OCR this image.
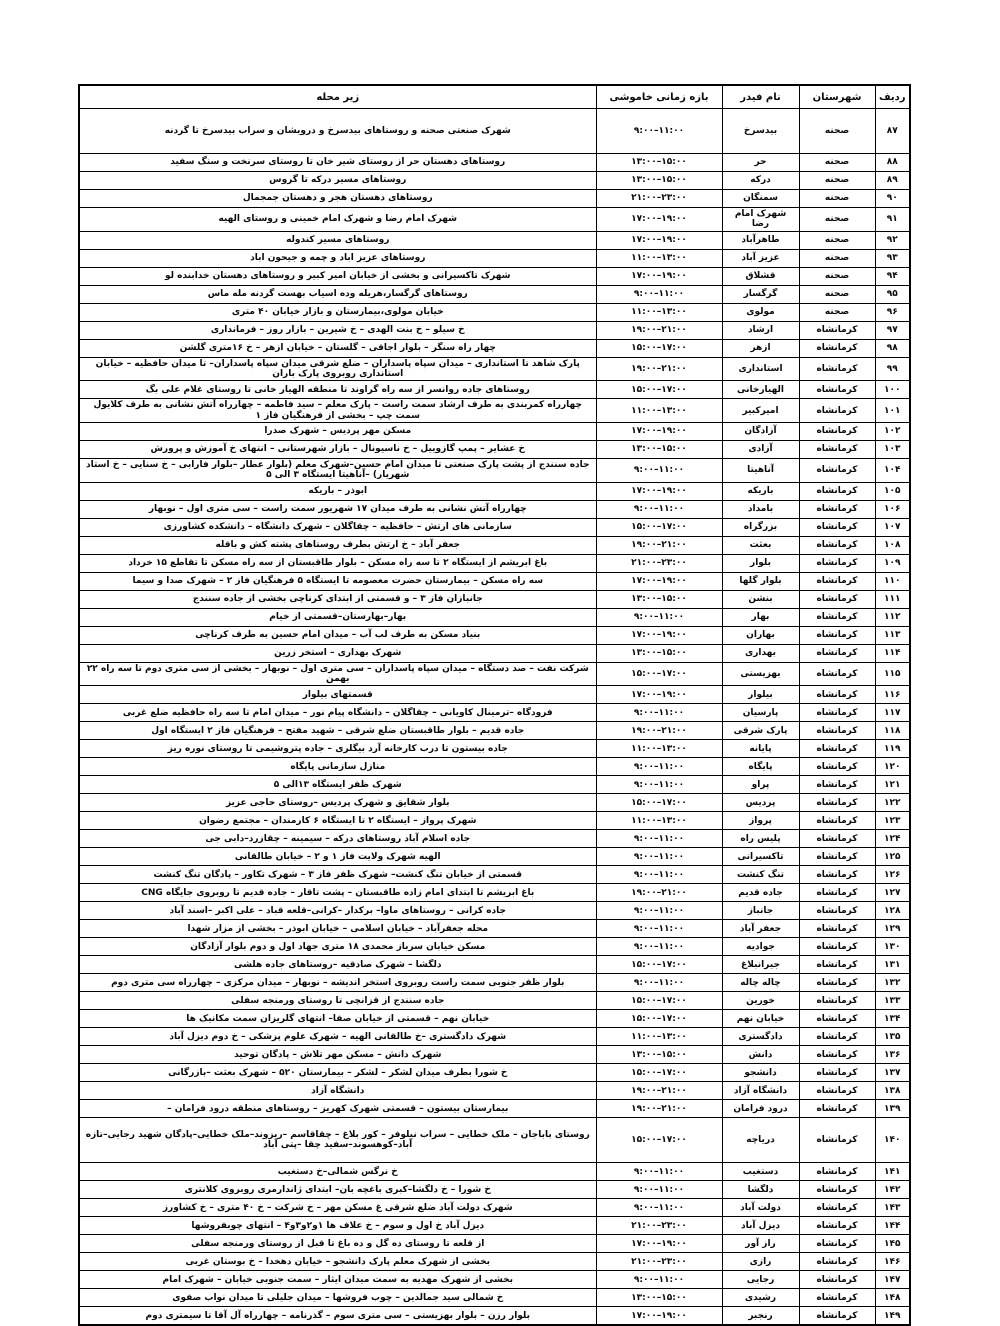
ردیف	شهرستان	نام فیدر	بازه زمانی خاموشی	زیر محله
۸۷	صحنه	بیدسرخ	۹:۰۰–۱۱:۰۰	شهرک صنعتی صحنه و روستاهای بیدسرخ و درویشان و سراب بیدسرخ تا گردنه
۸۸	صحنه	حر	۱۳:۰۰–۱۵:۰۰	روستاهای دهستان حر از روستای شیر خان تا روستای سرنخت و سنگ سفید
۸۹	صحنه	درکه	۱۳:۰۰–۱۵:۰۰	روستاهای مسیر درکه تا گروس
۹۰	صحنه	سمنگان	۲۱:۰۰–۲۳:۰۰	روستاهای دهستان هجر و دهستان جمجمال
۹۱	صحنه	شهرک امام رضا	۱۷:۰۰–۱۹:۰۰	شهرک امام رضا و شهرک امام خمینی و روستای الهیه
۹۲	صحنه	طاهرآباد	۱۷:۰۰–۱۹:۰۰	روستاهای مسیر کندوله
۹۳	صحنه	عزیز آباد	۱۱:۰۰–۱۳:۰۰	روستاهای عزیز اباد و چمه و جیحون اباد
۹۴	صحنه	قشلاق	۱۷:۰۰–۱۹:۰۰	شهرک تاکسیرانی و بخشی از خیابان امیر کبیر و روستاهای دهستان خدابنده لو
۹۵	صحنه	گرگسار	۹:۰۰–۱۱:۰۰	روستاهای گرگسار،هریله وده اسیاب بهست گردنه مله ماس
۹۶	صحنه	مولوی	۱۱:۰۰–۱۳:۰۰	خیابان مولوی،بیمارستان و بازار خیابان ۴۰ متری
۹۷	کرمانشاه	ارشاد	۱۹:۰۰–۲۱:۰۰	خ سیلو – خ بنت الهدی – خ شیرین – بازار روز – فرمانداری
۹۸	کرمانشاه	ازهر	۱۵:۰۰–۱۷:۰۰	چهار راه سنگر – بلوار اجاقی – گلستان – خیابان ازهر – خ ۱۶متری گلشن
۹۹	کرمانشاه	استانداری	۱۹:۰۰–۲۱:۰۰	پارک شاهد تا استانداری – میدان سپاه پاسداران – ضلع شرقی میدان سپاه پاسداران– تا میدان حافظیه – خیابان استانداری روبروی پارک باران
۱۰۰	کرمانشاه	الهیارخانی	۱۵:۰۰–۱۷:۰۰	روستاهای جاده روانسر از سه راه گراوند تا منطقه الهیار خانی تا روستای غلام علی بگ
۱۰۱	کرمانشاه	امیرکبیر	۱۱:۰۰–۱۳:۰۰	چهارراه کمربندی به طرف ارشاد سمت راست – پارک معلم – سید فاطمه – چهارراه آتش نشانی به طرف کلایول سمت چپ – بخشی از فرهنگیان فاز ۱
۱۰۲	کرمانشاه	آزادگان	۱۷:۰۰–۱۹:۰۰	مسکن مهر پردیس – شهرک صدرا
۱۰۳	کرمانشاه	آزادی	۱۳:۰۰–۱۵:۰۰	خ عشایر – پمپ گازوییل – خ ناسیونال – بازار شهرستانی – انتهای خ آموزش و پرورش
۱۰۴	کرمانشاه	آناهیتا	۹:۰۰–۱۱:۰۰	جاده سنندج از پشت پارک صنعتی تا میدان امام حسین–شهرک معلم (بلوار عطار –بلوار فارابی – خ سنایی – خ استاد شهریار) –آناهیتا ایستگاه ۳ الی ۵
۱۰۵	کرمانشاه	باریکه	۱۷:۰۰–۱۹:۰۰	ابوذر – باریکه
۱۰۶	کرمانشاه	بامداد	۹:۰۰–۱۱:۰۰	چهارراه آتش نشانی به طرف میدان ۱۷ شهریور سمت راست – سی متری اول – نوبهار
۱۰۷	کرمانشاه	بزرگراه	۱۵:۰۰–۱۷:۰۰	سازمانی های ارتش – حافظیه – چقاگلان – شهرک دانشگاه – دانشکده کشاورزی
۱۰۸	کرمانشاه	بعثت	۱۹:۰۰–۲۱:۰۰	جعفر آباد – خ ارتش بطرف روستاهای پشته کش و باقله
۱۰۹	کرمانشاه	بلوار	۲۱:۰۰–۲۳:۰۰	باغ ابریشم از ایستگاه ۲ تا سه راه مسکن – بلوار طاقبستان از سه راه مسکن تا تقاطع ۱۵ خرداد
۱۱۰	کرمانشاه	بلوار گلها	۱۷:۰۰–۱۹:۰۰	سه راه مسکن – بیمارستان حضرت معصومه تا ایستگاه ۵ فرهنگیان فاز ۲ – شهرک صدا و سیما
۱۱۱	کرمانشاه	بنشن	۱۳:۰۰–۱۵:۰۰	جانبازان فاز ۳ – و قسمتی از ابتدای کرناچی بخشی از جاده سنندج
۱۱۲	کرمانشاه	بهار	۹:۰۰–۱۱:۰۰	بهار–بهارستان–قسمتی از خیام
۱۱۳	کرمانشاه	بهاران	۱۷:۰۰–۱۹:۰۰	بنیاد مسکن به طرف لب آب – میدان امام حسین به طرف کرناچی
۱۱۴	کرمانشاه	بهداری	۱۳:۰۰–۱۵:۰۰	شهرک بهداری – استخر زرین
۱۱۵	کرمانشاه	بهزیستی	۱۵:۰۰–۱۷:۰۰	شرکت نفت – صد دستگاه – میدان سپاه پاسداران – سی متری اول – نوبهار – بخشی از سی متری دوم تا سه راه ۲۲ بهمن
۱۱۶	کرمانشاه	بیلوار	۱۷:۰۰–۱۹:۰۰	قسمتهای بیلوار
۱۱۷	کرمانشاه	پارسیان	۹:۰۰–۱۱:۰۰	فرودگاه –ترمینال کاویانی – چقاگلان – دانشگاه پیام نور – میدان امام تا سه راه حافظیه ضلع غربی
۱۱۸	کرمانشاه	پارک شرقی	۱۹:۰۰–۲۱:۰۰	جاده قدیم – بلوار طاقبستان ضلع شرقی – شهید مفتح – فرهنگیان فاز ۲ ایستگاه اول
۱۱۹	کرمانشاه	پایانه	۱۱:۰۰–۱۳:۰۰	جاده بیستون تا درب کارخانه آرد بیگلری – جاده پتروشیمی تا روستای نوره ریز
۱۲۰	کرمانشاه	پایگاه	۹:۰۰–۱۱:۰۰	منازل سازمانی پایگاه
۱۲۱	کرمانشاه	پراو	۹:۰۰–۱۱:۰۰	شهرک ظفر ایستگاه ۱۳الی ۵
۱۲۲	کرمانشاه	پردیس	۱۵:۰۰–۱۷:۰۰	بلوار شقایق و شهرک پردیس –روستای حاجی عزیز
۱۲۳	کرمانشاه	پرواز	۱۱:۰۰–۱۳:۰۰	شهرک پرواز – ایستگاه ۲ تا ایستگاه ۶ کارمندان – مجتمع رضوان
۱۲۴	کرمانشاه	پلیس راه	۹:۰۰–۱۱:۰۰	جاده اسلام آباد روستاهای درکه – سیمینه – چقازرد–دابی جی
۱۲۵	کرمانشاه	تاکسیرانی	۹:۰۰–۱۱:۰۰	الهیه شهرک ولایت فاز ۱ و ۲ – خیابان طالقانی
۱۲۶	کرمانشاه	تنگ کنشت	۹:۰۰–۱۱:۰۰	قسمتی از خیابان تنگ کنشت– شهرک ظفر فاز ۳ – شهرک تکاور – پادگان تنگ کنشت
۱۲۷	کرمانشاه	جاده قدیم	۱۹:۰۰–۲۱:۰۰	باغ ابریشم تا ابتدای امام زاده طاقبستان – پشت تاقار – جاده قدیم تا روبروی جایگاه CNG
۱۲۸	کرمانشاه	جانباز	۹:۰۰–۱۱:۰۰	جاده کرانی – روستاهای ماوا– برکدار –کرانی–قلعه قباد – علی اکبر –اسند آباد
۱۲۹	کرمانشاه	جعفر آباد	۹:۰۰–۱۱:۰۰	محله جعفرآباد – خیابان اسلامی – خیابان ابوذر – بخشی از مزار شهدا
۱۳۰	کرمانشاه	جوادیه	۹:۰۰–۱۱:۰۰	مسکن خیابان سرباز محمدی ۱۸ متری جهاد اول و دوم بلوار آزادگان
۱۳۱	کرمانشاه	جیرانبلاغ	۱۵:۰۰–۱۷:۰۰	دلگشا – شهرک صادقیه –روستاهای جاده هلشی
۱۳۲	کرمانشاه	چاله چاله	۹:۰۰–۱۱:۰۰	بلوار ظفر جنوبی سمت راست روبروی استخر اندیشه – نوبهار – میدان مرکزی – چهارراه سی متری دوم
۱۳۳	کرمانشاه	خورین	۱۵:۰۰–۱۷:۰۰	جاده سنندج از قزانچی تا روستای ورمنجه سفلی
۱۳۴	کرمانشاه	خیابان نهم	۱۵:۰۰–۱۷:۰۰	خیابان نهم – قسمتی از خیابان صفا– انتهای گلریزان سمت مکانیک ها
۱۳۵	کرمانشاه	دادگستری	۱۱:۰۰–۱۳:۰۰	شهرک دادگستری –خ طالقانی الهیه – شهرک علوم پزشکی – خ دوم دیزل آباد
۱۳۶	کرمانشاه	دانش	۱۳:۰۰–۱۵:۰۰	شهرک دانش – مسکن مهر تلاش – پادگان توحید
۱۳۷	کرمانشاه	دانشجو	۱۵:۰۰–۱۷:۰۰	خ شورا بطرف میدان لشکر – لشکر – بیمارستان ۵۲۰ – شهرک بعثت –بازرگانی
۱۳۸	کرمانشاه	دانشگاه آزاد	۱۹:۰۰–۲۱:۰۰	دانشگاه آزاد
۱۳۹	کرمانشاه	درود فرامان	۱۹:۰۰–۲۱:۰۰	بیمارستان بیستون – قسمتی شهرک کهریز – روستاهای منطقه درود فرامان –
۱۴۰	کرمانشاه	دریاچه	۱۵:۰۰–۱۷:۰۰	روستای باباجان – ملک خطایی – سراب نیلوفر – کور بلاغ – چقاقاسم –ریزوند–ملک خطایی–پادگان شهید رجایی–تازه آباد–کوهسوند–سفید چقا –پتی آباد
۱۴۱	کرمانشاه	دستغیب	۹:۰۰–۱۱:۰۰	خ نرگس شمالی–خ دستغیب
۱۴۲	کرمانشاه	دلگشا	۹:۰۰–۱۱:۰۰	خ شورا – خ دلگشا–کبری باغچه بان– ابتدای ژاندارمری روبروی کلانتری
۱۴۳	کرمانشاه	دولت آباد	۹:۰۰–۱۱:۰۰	شهرک دولت آباد ضلع شرقی غ مسکن مهر – خ شرکت – خ ۴۰ متری – خ کشاورز
۱۴۴	کرمانشاه	دیزل آباد	۲۱:۰۰–۲۳:۰۰	دیزل آباد خ اول و سوم – خ علاف ها ۱و۲و۳و۴ – انتهای چوبفروشها
۱۴۵	کرمانشاه	راز آور	۱۷:۰۰–۱۹:۰۰	از قلعه تا روستای ده گل و ده باغ تا قبل از روستای ورمنجه سفلی
۱۴۶	کرمانشاه	رازی	۲۱:۰۰–۲۳:۰۰	بخشی از شهرک معلم پارک دانشجو – خیابان دهخدا – خ بوستان غربی
۱۴۷	کرمانشاه	رجایی	۹:۰۰–۱۱:۰۰	بخشی از شهرک مهدیه به سمت میدان ایثار – سمت جنوبی خیابان – شهرک امام
۱۴۸	کرمانشاه	رشیدی	۱۳:۰۰–۱۵:۰۰	خ شمالی سید جمالدین – چوب فروشها – میدان جلیلی تا میدان نواب صفوی
۱۴۹	کرمانشاه	رنجبر	۱۷:۰۰–۱۹:۰۰	بلوار رزن – بلوار بهزیستی – سی متری سوم – گذرنامه – چهارراه آل آقا تا سیمتری دوم
